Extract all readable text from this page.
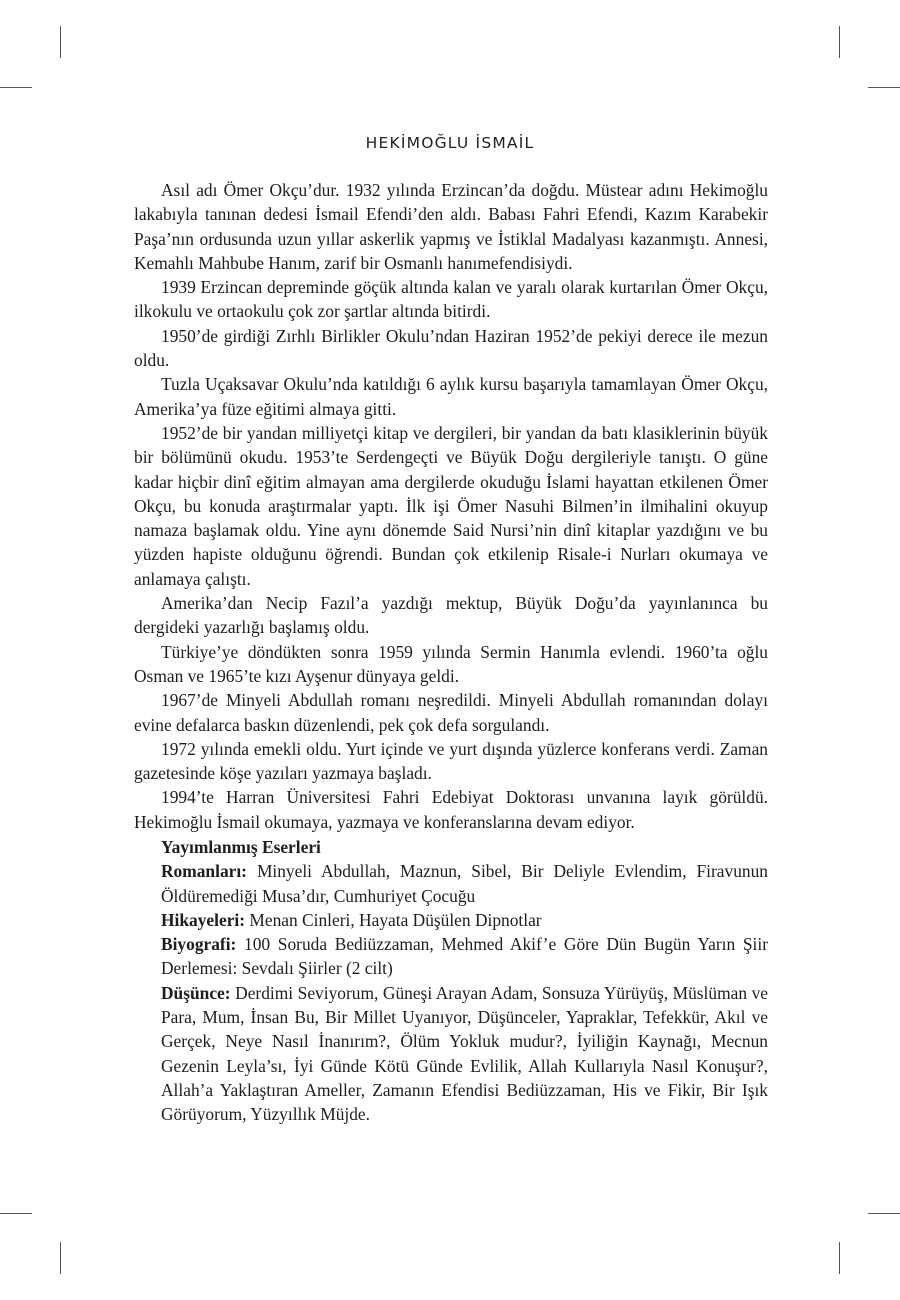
HEKİMOĞLU İSMAİL

Asıl adı Ömer Okçu’dur. 1932 yılında Erzincan’da doğdu. Müstear adını Hekimoğlu lakabıyla tanınan dedesi İsmail Efendi’den aldı. Babası Fahri Efendi, Kazım Karabekir Paşa’nın ordusunda uzun yıllar askerlik yapmış ve İstiklal Madalyası kazanmıştı. Annesi, Kemahlı Mahbube Hanım, zarif bir Osmanlı hanımefendisiydi.

1939 Erzincan depreminde göçük altında kalan ve yaralı olarak kurtarılan Ömer Okçu, ilkokulu ve ortaokulu çok zor şartlar altında bitirdi.

1950’de girdiği Zırhlı Birlikler Okulu’ndan Haziran 1952’de pekiyi derece ile mezun oldu.

Tuzla Uçaksavar Okulu’nda katıldığı 6 aylık kursu başarıyla tamamlayan Ömer Okçu, Amerika’ya füze eğitimi almaya gitti.

1952’de bir yandan milliyetçi kitap ve dergileri, bir yandan da batı klasiklerinin büyük bir bölümünü okudu. 1953’te Serdengeçti ve Büyük Doğu dergileriyle tanıştı. O güne kadar hiçbir dinî eğitim almayan ama dergilerde okuduğu İslami hayattan etkilenen Ömer Okçu, bu konuda araştırmalar yaptı. İlk işi Ömer Nasuhi Bilmen’in ilmihalini okuyup namaza başlamak oldu. Yine aynı dönemde Said Nursi’nin dinî kitaplar yazdığını ve bu yüzden hapiste olduğunu öğrendi. Bundan çok etkilenip Risale-i Nurları okumaya ve anlamaya çalıştı.

Amerika’dan Necip Fazıl’a yazdığı mektup, Büyük Doğu’da yayınlanınca bu dergideki yazarlığı başlamış oldu.

Türkiye’ye döndükten sonra 1959 yılında Sermin Hanımla evlendi. 1960’ta oğlu Osman ve 1965’te kızı Ayşenur dünyaya geldi.

1967’de Minyeli Abdullah romanı neşredildi. Minyeli Abdullah romanından dolayı evine defalarca baskın düzenlendi, pek çok defa sorgulandı.

1972 yılında emekli oldu. Yurt içinde ve yurt dışında yüzlerce konferans verdi. Zaman gazetesinde köşe yazıları yazmaya başladı.

1994’te Harran Üniversitesi Fahri Edebiyat Doktorası unvanına layık görüldü. Hekimoğlu İsmail okumaya, yazmaya ve konferanslarına devam ediyor.

Yayımlanmış Eserleri

Romanları: Minyeli Abdullah, Maznun, Sibel, Bir Deliyle Evlendim, Firavunun Öldüremediği Musa’dır, Cumhuriyet Çocuğu

Hikayeleri: Menan Cinleri, Hayata Düşülen Dipnotlar

Biyografi: 100 Soruda Bediüzzaman, Mehmed Akif’e Göre Dün Bugün Yarın Şiir Derlemesi: Sevdalı Şiirler (2 cilt)

Düşünce: Derdimi Seviyorum, Güneşi Arayan Adam, Sonsuza Yürüyüş, Müslüman ve Para, Mum, İnsan Bu, Bir Millet Uyanıyor, Düşünceler, Yapraklar, Tefekkür, Akıl ve Gerçek, Neye Nasıl İnanırım?, Ölüm Yokluk mudur?, İyiliğin Kaynağı, Mecnun Gezenin Leyla’sı, İyi Günde Kötü Günde Evlilik, Allah Kullarıyla Nasıl Konuşur?, Allah’a Yaklaştıran Ameller, Zamanın Efendisi Bediüzzaman, His ve Fikir, Bir Işık Görüyorum, Yüzyıllık Müjde.
